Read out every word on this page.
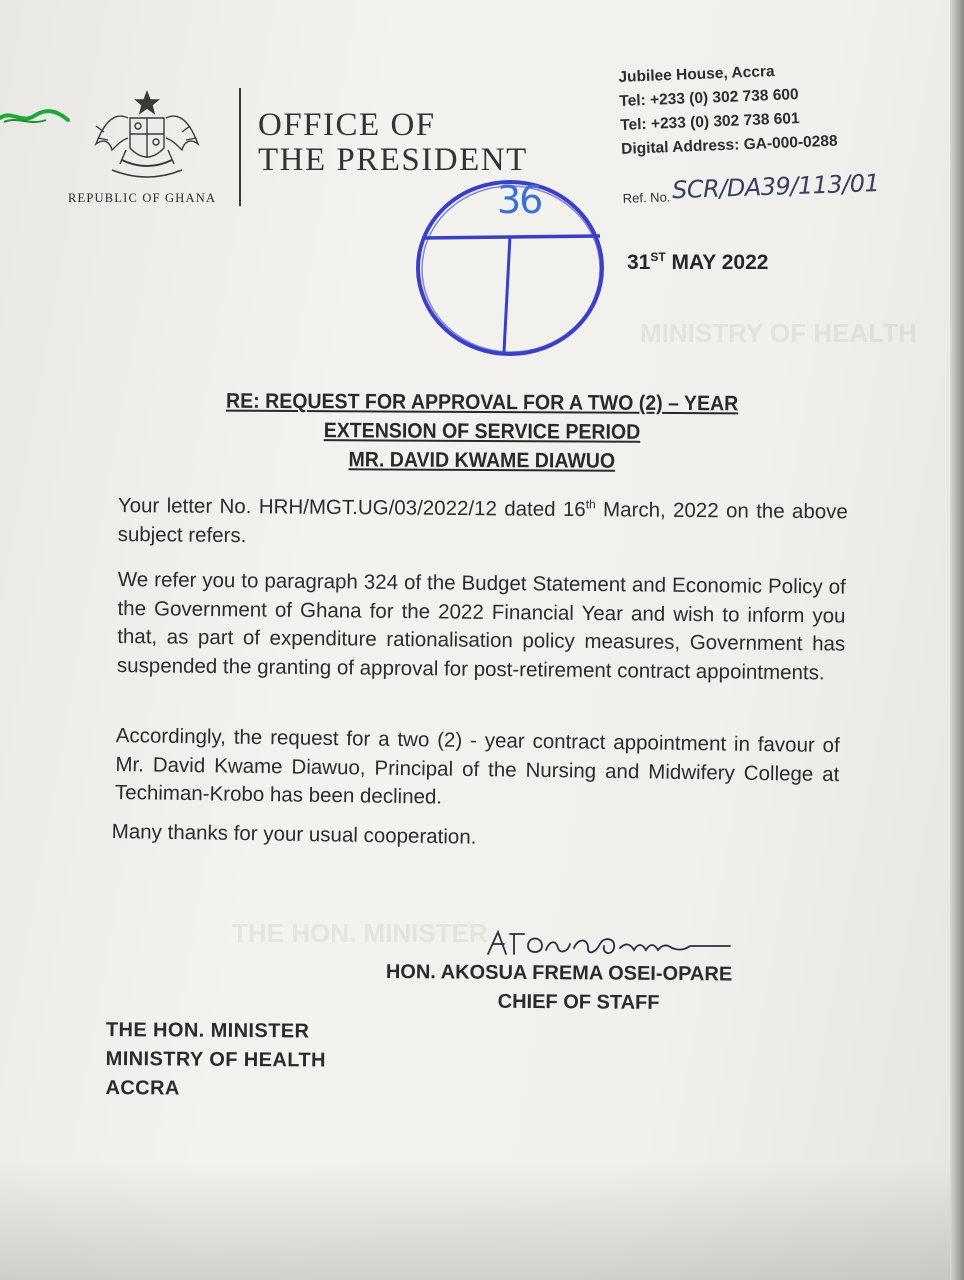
REPUBLIC OF GHANA
OFFICE OF
THE PRESIDENT
Jubilee House, Accra
Tel: +233 (0) 302 738 600
Tel: +233 (0) 302 738 601
Digital Address: GA-000-0288
Ref. No.SCR/DA39/113/01
36
31ST MAY 2022
MINISTRY OF HEALTH
THE HON. MINISTER
RE: REQUEST FOR APPROVAL FOR A TWO (2) – YEAR
EXTENSION OF SERVICE PERIOD
MR. DAVID KWAME DIAWUO
Your letter No. HRH/MGT.UG/03/2022/12 dated 16th March, 2022 on the above subject refers.
We refer you to paragraph 324 of the Budget Statement and Economic Policy of the Government of Ghana for the 2022 Financial Year and wish to inform you that, as part of expenditure rationalisation policy measures, Government has suspended the granting of approval for post-retirement contract appointments.
Accordingly, the request for a two (2) - year contract appointment in favour of Mr. David Kwame Diawuo, Principal of the Nursing and Midwifery College at Techiman-Krobo has been declined.
Many thanks for your usual cooperation.
HON. AKOSUA FREMA OSEI-OPARE
CHIEF OF STAFF
THE HON. MINISTER
MINISTRY OF HEALTH
ACCRA
